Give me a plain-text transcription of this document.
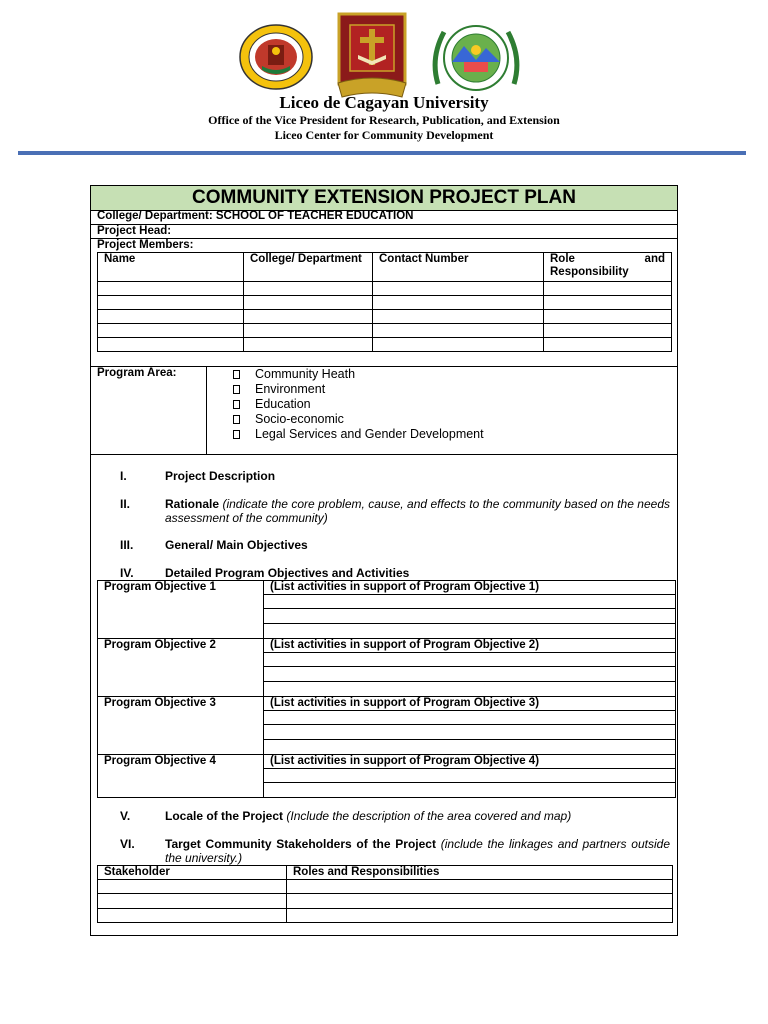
Liceo de Cagayan University
Office of the Vice President for Research, Publication, and Extension
Liceo Center for Community Development
COMMUNITY EXTENSION PROJECT PLAN
College/ Department: SCHOOL OF TEACHER EDUCATION
Project Head:
Project Members:
Name	College/ Department	Contact Number	Role and Responsibility

Program Area:	Community Heath
Environment
Education
Socio-economic
Legal Services and Gender Development
I.	Project Description
II.	Rationale (indicate the core problem, cause, and effects to the community based on the needs assessment of the community)
III.	General/ Main Objectives
IV.	Detailed Program Objectives and Activities
Program Objective 1	(List activities in support of Program Objective 1)

Program Objective 2	(List activities in support of Program Objective 2)

Program Objective 3	(List activities in support of Program Objective 3)

Program Objective 4	(List activities in support of Program Objective 4)

V.	Locale of the Project (Include the description of the area covered and map)
VI.	Target Community Stakeholders of the Project (include the linkages and partners outside the university.)
Stakeholder	Roles and Responsibilities
